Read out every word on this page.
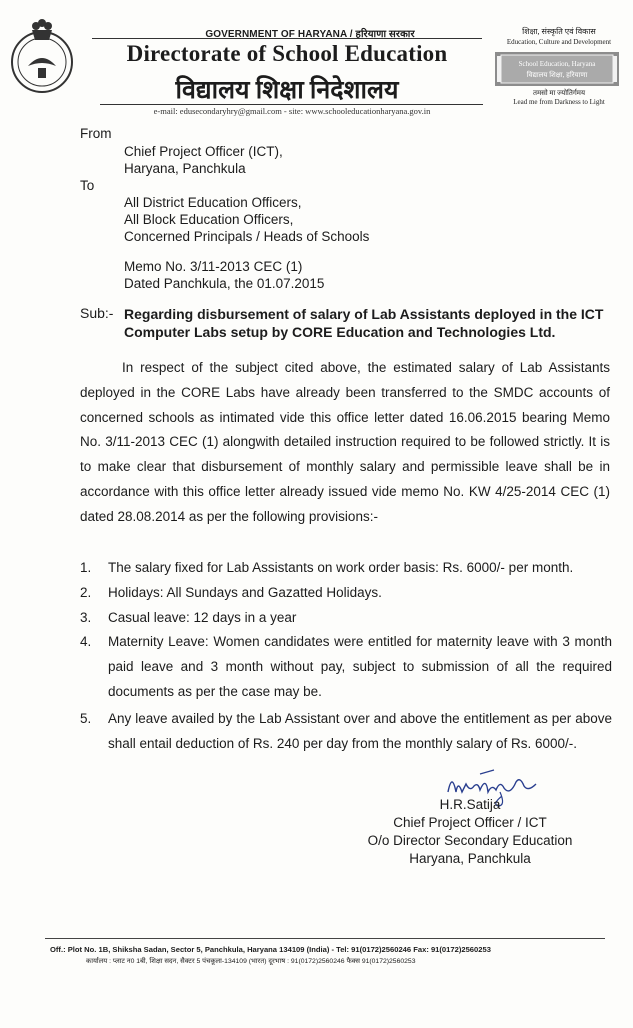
GOVERNMENT OF HARYANA / हरियाणा सरकार
Directorate of School Education
विद्यालय शिक्षा निदेशालय
e-mail: edusecondaryhry@gmail.com - site: www.schooleducationharyana.gov.in
शिक्षा, संस्कृति एवं विकास
Education, Culture and Development
School Education, Haryana
विद्यालय शिक्षा, हरियाणा
तमसो मा ज्योतिर्गमय
Lead me from Darkness to Light
From
Chief Project Officer (ICT),
Haryana, Panchkula
To
All District Education Officers,
All Block Education Officers,
Concerned Principals / Heads of Schools
Memo No. 3/11-2013 CEC (1)
Dated Panchkula, the 01.07.2015
Sub:- Regarding disbursement of salary of Lab Assistants deployed in the ICT Computer Labs setup by CORE Education and Technologies Ltd.
In respect of the subject cited above, the estimated salary of Lab Assistants deployed in the CORE Labs have already been transferred to the SMDC accounts of concerned schools as intimated vide this office letter dated 16.06.2015 bearing Memo No. 3/11-2013 CEC (1) alongwith detailed instruction required to be followed strictly. It is to make clear that disbursement of monthly salary and permissible leave shall be in accordance with this office letter already issued vide memo No. KW 4/25-2014 CEC (1) dated 28.08.2014 as per the following provisions:-
1. The salary fixed for Lab Assistants on work order basis: Rs. 6000/- per month.
2. Holidays: All Sundays and Gazatted Holidays.
3. Casual leave: 12 days in a year
4. Maternity Leave: Women candidates were entitled for maternity leave with 3 month paid leave and 3 month without pay, subject to submission of all the required documents as per the case may be.
5. Any leave availed by the Lab Assistant over and above the entitlement as per above shall entail deduction of Rs. 240 per day from the monthly salary of Rs. 6000/-.
H.R.Satija
Chief Project Officer / ICT
O/o Director Secondary Education
Haryana, Panchkula
Off.: Plot No. 1B, Shiksha Sadan, Sector 5, Panchkula, Haryana 134109 (India) - Tel: 91(0172)2560246 Fax: 91(0172)2560253
कार्यालय : प्लाट न0 1बी, शिक्षा सदन, सैक्टर 5 पंचकूला-134109 (भारत) दूरभाष : 91(0172)2560246 फैक्स 91(0172)2560253
